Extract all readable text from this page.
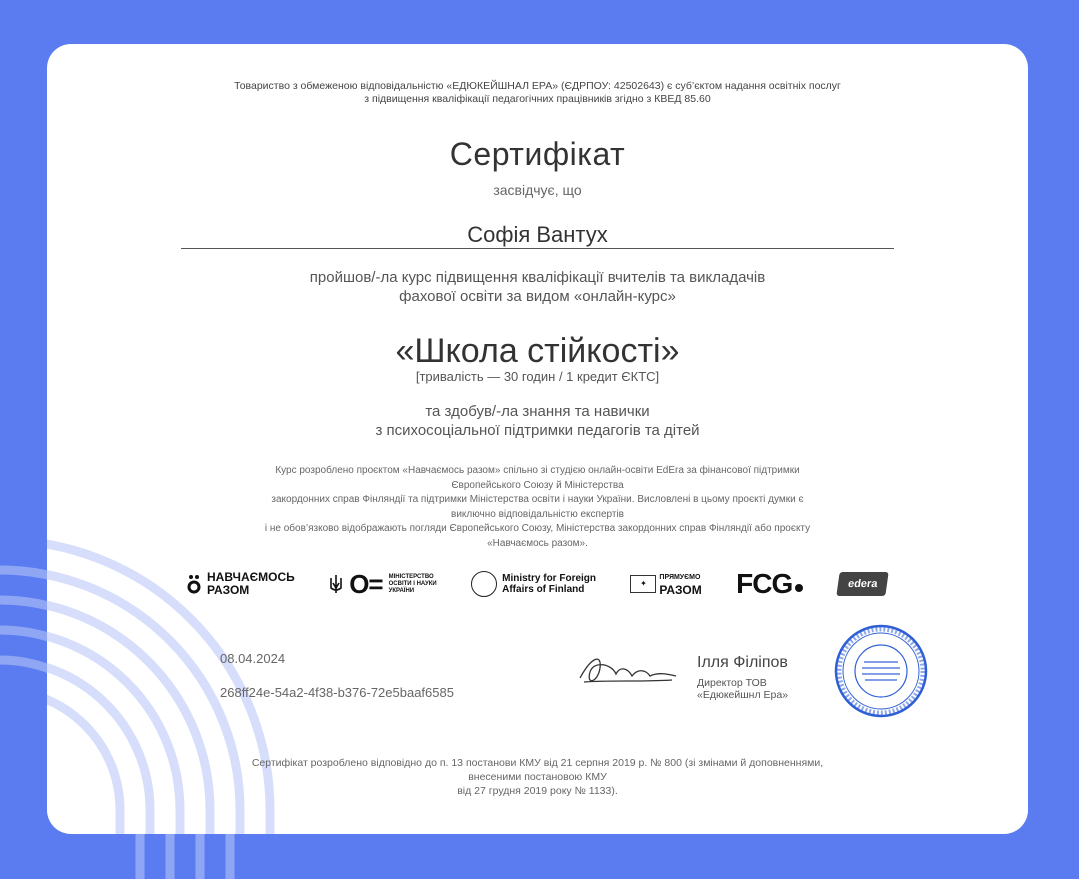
Товариство з обмеженою відповідальністю «ЕДЮКЕЙШНАЛ ЕРА» (ЄДРПОУ: 42502643) є суб’єктом надання освітніх послуг
з підвищення кваліфікації педагогічних працівників згідно з КВЕД 85.60
Сертифікат
засвідчує, що
Софія Вантух
пройшов/-ла курс підвищення кваліфікації вчителів та викладачів
фахової освіти за видом «онлайн-курс»
«Школа стійкості»
[тривалість — 30 годин / 1 кредит ЄКТС]
та здобув/-ла знання та навички
з психосоціальної підтримки педагогів та дітей
Курс розроблено проєктом «Навчаємось разом» спільно зі студією онлайн-освіти EdEra за фінансової підтримки
Європейського Союзу й Міністерства
закордонних справ Фінляндії та підтримки Міністерства освіти і науки України. Висловлені в цьому проєкті думки є
виключно відповідальністю експертів
і не обов’язково відображають погляди Європейського Союзу, Міністерства закордонних справ Фінляндії або проєкту
«Навчаємось разом».
НАВЧАЄМОСЬ
РАЗОМ	О= МІНІСТЕРСТВО
ОСВІТИ І НАУКИ
УКРАЇНИ
Ministry for Foreign
Affairs of Finland
✦
ПРЯМУЄМО
РАЗОМ FCG	edera
08.04.2024
268ff24e-54a2-4f38-b376-72e5baaf6585
Ілля Філіпов
Директор ТОВ
«Едюкейшнл Ера»
Сертифікат розроблено відповідно до п. 13 постанови КМУ від 21 серпня 2019 р. № 800 (зі змінами й доповненнями,
внесеними постановою КМУ
від 27 грудня 2019 року № 1133).
